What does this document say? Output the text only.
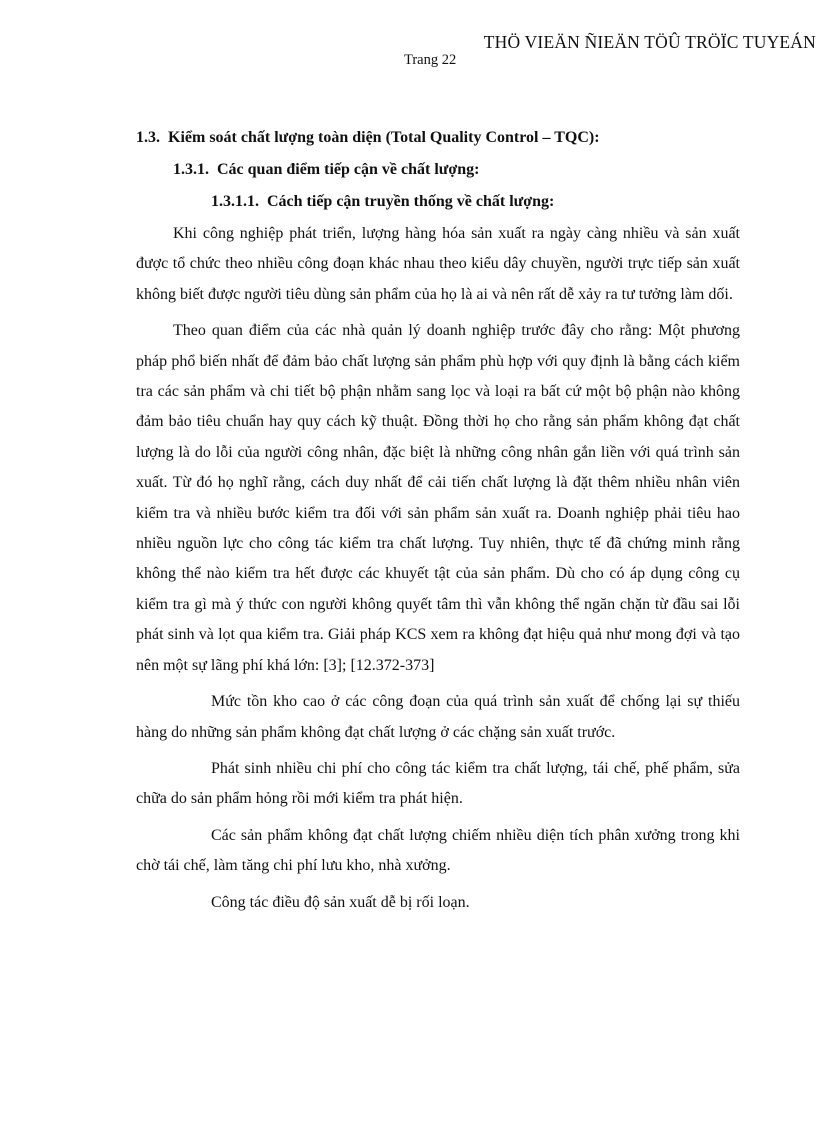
THÖ VIEÄN ÑIEÄN TÖÛ TRÖÏC TUYEÁN
Trang 22
1.3. Kiểm soát chất lượng toàn diện (Total Quality Control – TQC):
1.3.1. Các quan điểm tiếp cận về chất lượng:
1.3.1.1. Cách tiếp cận truyền thống về chất lượng:

Khi công nghiệp phát triển, lượng hàng hóa sản xuất ra ngày càng nhiều và sản xuất được tổ chức theo nhiều công đoạn khác nhau theo kiểu dây chuyền, người trực tiếp sản xuất không biết được người tiêu dùng sản phẩm của họ là ai và nên rất dễ xảy ra tư tưởng làm dối.

Theo quan điểm của các nhà quản lý doanh nghiệp trước đây cho rằng: Một phương pháp phổ biến nhất để đảm bảo chất lượng sản phẩm phù hợp với quy định là bằng cách kiểm tra các sản phẩm và chi tiết bộ phận nhằm sang lọc và loại ra bất cứ một bộ phận nào không đảm bảo tiêu chuẩn hay quy cách kỹ thuật. Đồng thời họ cho rằng sản phẩm không đạt chất lượng là do lỗi của người công nhân, đặc biệt là những công nhân gắn liền với quá trình sản xuất. Từ đó họ nghĩ rằng, cách duy nhất để cải tiến chất lượng là đặt thêm nhiều nhân viên kiểm tra và nhiều bước kiểm tra đối với sản phẩm sản xuất ra. Doanh nghiệp phải tiêu hao nhiều nguồn lực cho công tác kiểm tra chất lượng. Tuy nhiên, thực tế đã chứng minh rằng không thể nào kiểm tra hết được các khuyết tật của sản phẩm. Dù cho có áp dụng công cụ kiểm tra gì mà ý thức con người không quyết tâm thì vẫn không thể ngăn chặn từ đầu sai lỗi phát sinh và lọt qua kiểm tra. Giải pháp KCS xem ra không đạt hiệu quả như mong đợi và tạo nên một sự lãng phí khá lớn: [3]; [12.372-373]

Mức tồn kho cao ở các công đoạn của quá trình sản xuất để chống lại sự thiếu hàng do những sản phẩm không đạt chất lượng ở các chặng sản xuất trước.

Phát sinh nhiều chi phí cho công tác kiểm tra chất lượng, tái chế, phế phẩm, sửa chữa do sản phẩm hỏng rồi mới kiểm tra phát hiện.

Các sản phẩm không đạt chất lượng chiếm nhiều diện tích phân xưởng trong khi chờ tái chế, làm tăng chi phí lưu kho, nhà xưởng.

Công tác điều độ sản xuất dễ bị rối loạn.
